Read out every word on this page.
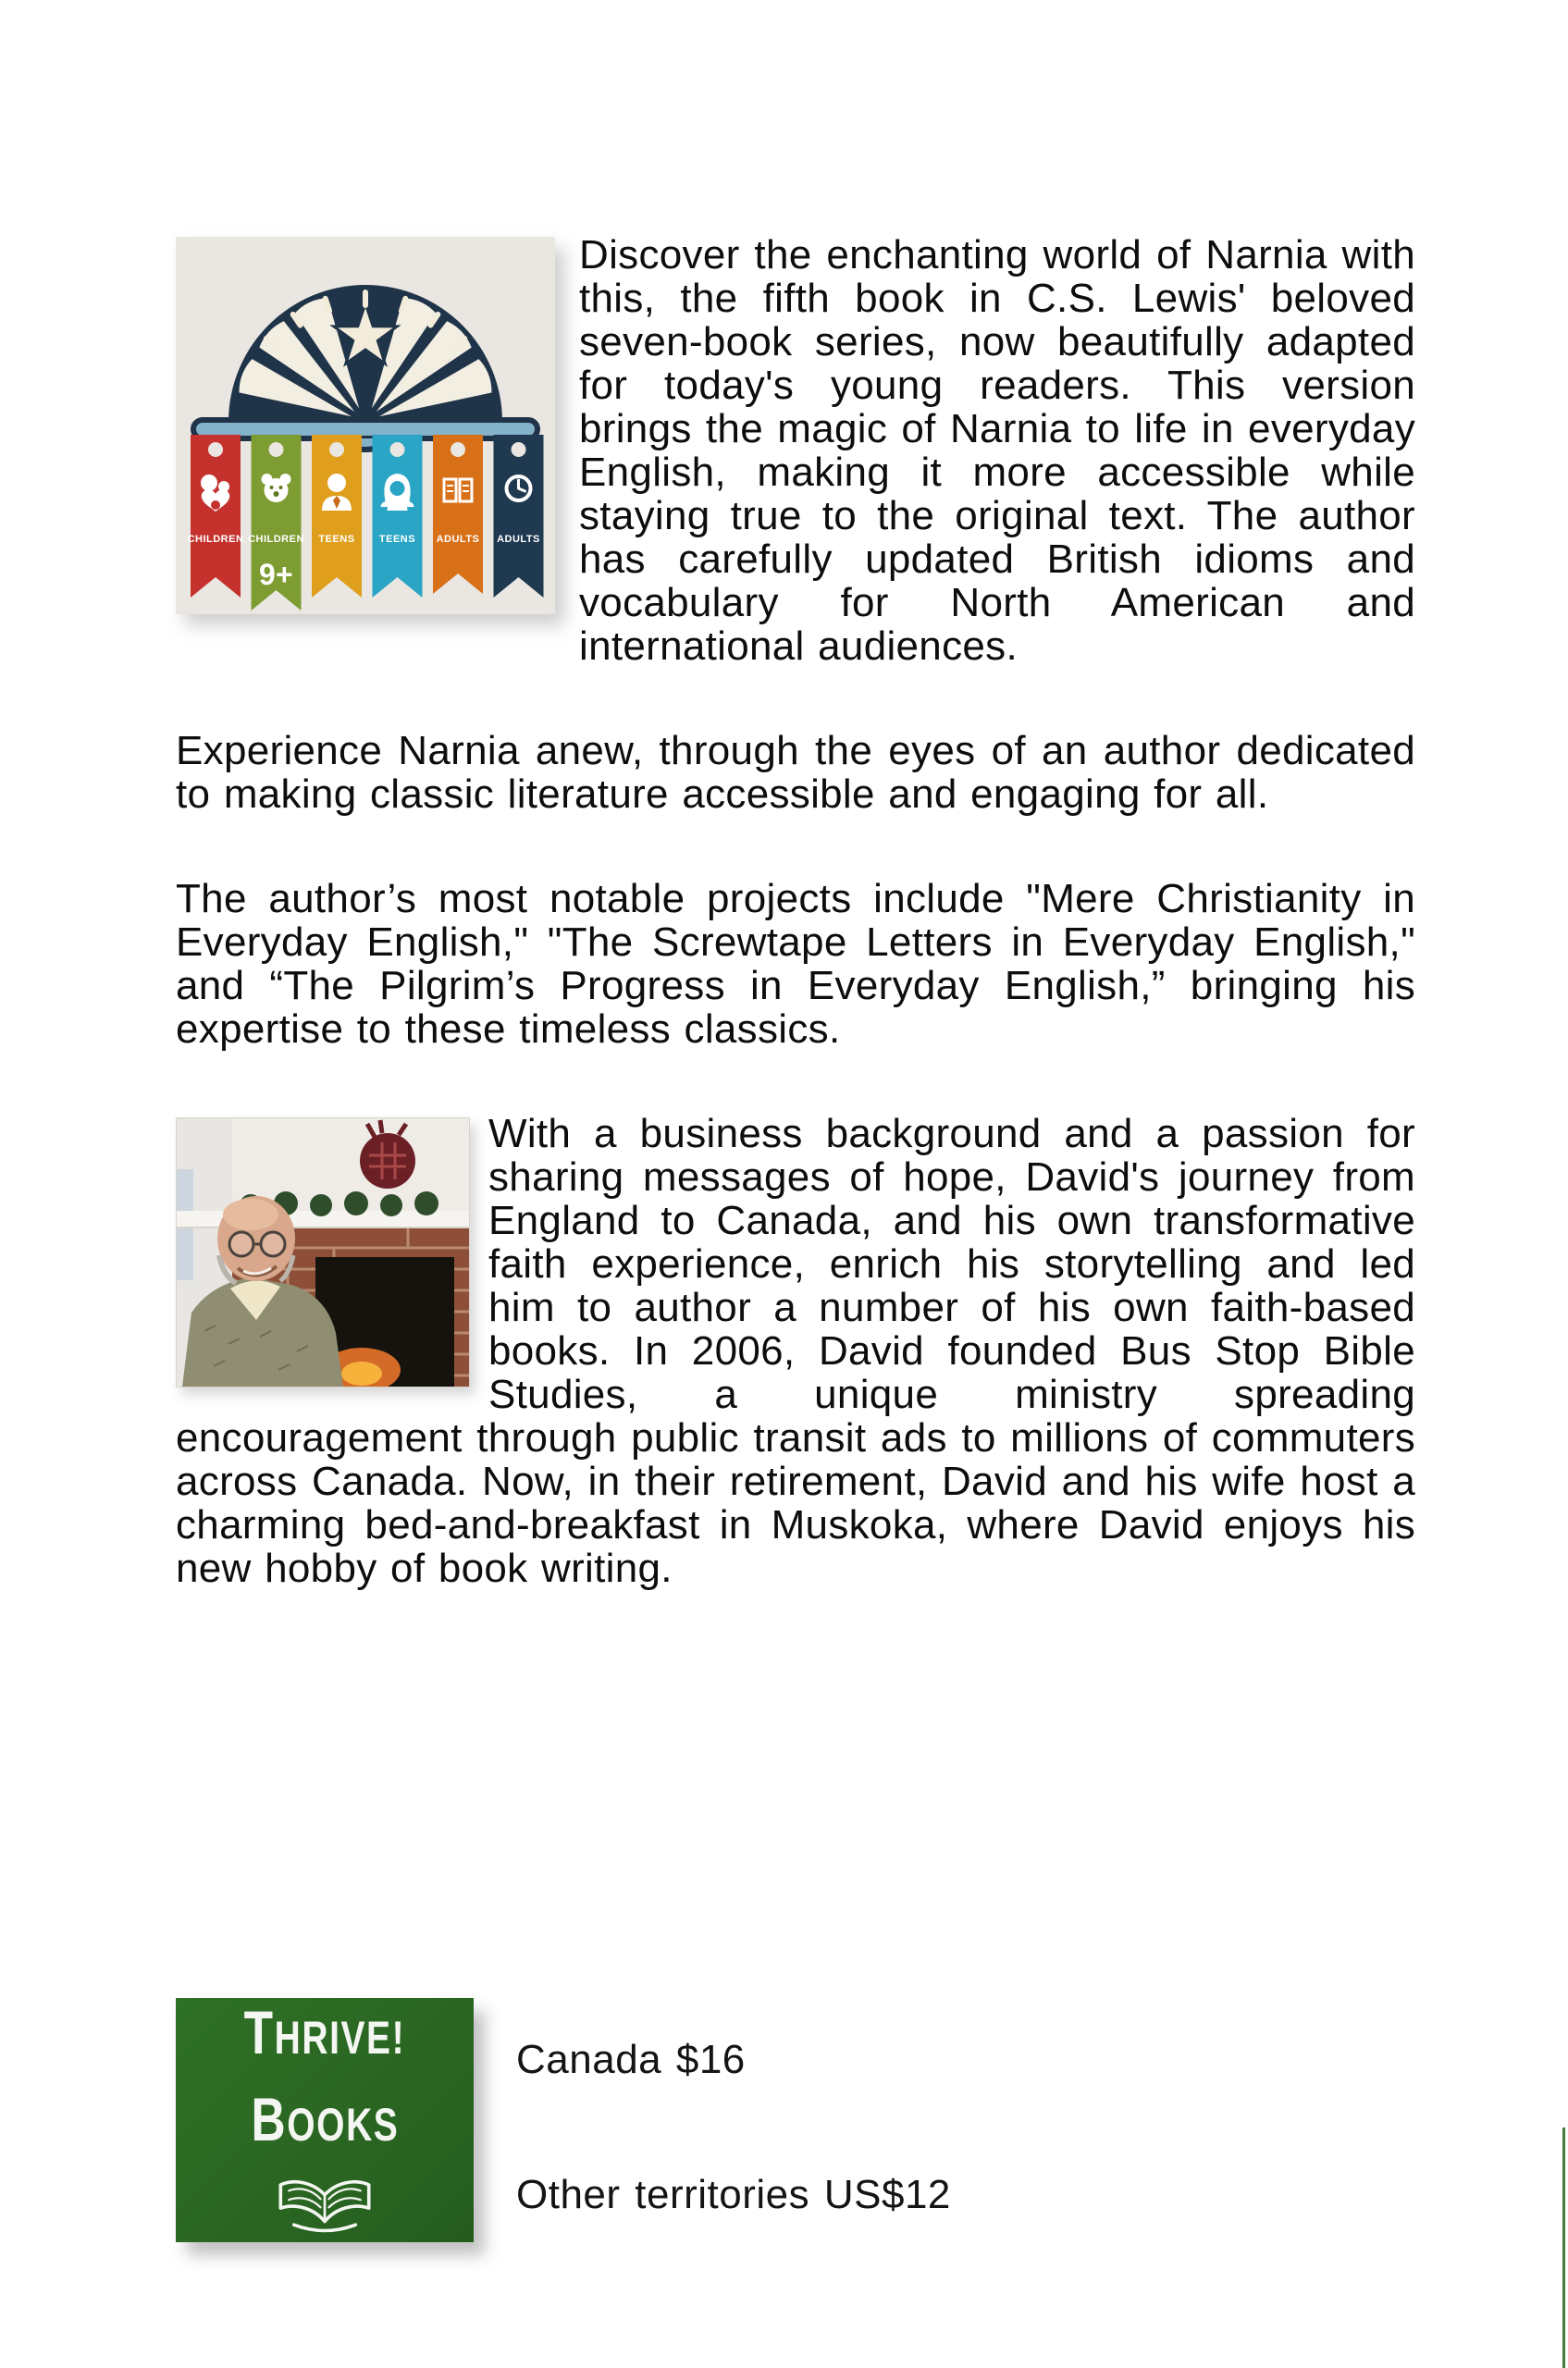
CHILDREN CHILDREN
9+
TEENS TEENS ADULTS ADULTS
Discover the enchanting world of Narnia with this, the fifth book in C.S. Lewis' beloved seven-book series, now beautifully adapted for today's young readers. This version brings the magic of Narnia to life in everyday English, making it more accessible while staying true to the original text. The author has carefully updated British idioms and vocabulary for North American and international audiences.

Experience Narnia anew, through the eyes of an author dedicated to making classic literature accessible and engaging for all.

The author’s most notable projects include "Mere Christianity in Everyday English," "The Screwtape Letters in Everyday English," and “The Pilgrim’s Progress in Everyday English,” bringing his expertise to these timeless classics.

With a business background and a passion for sharing messages of hope, David's journey from England to Canada, and his own transformative faith experience, enrich his storytelling and led him to author a number of his own faith-based books. In 2006, David founded Bus Stop Bible Studies, a unique ministry spreading encouragement through public transit ads to millions of commuters across Canada. Now, in their retirement, David and his wife host a charming bed-and-breakfast in Muskoka, where David enjoys his new hobby of book writing.

THRIVE!
BOOKS
Canada $16
Other territories US$12
